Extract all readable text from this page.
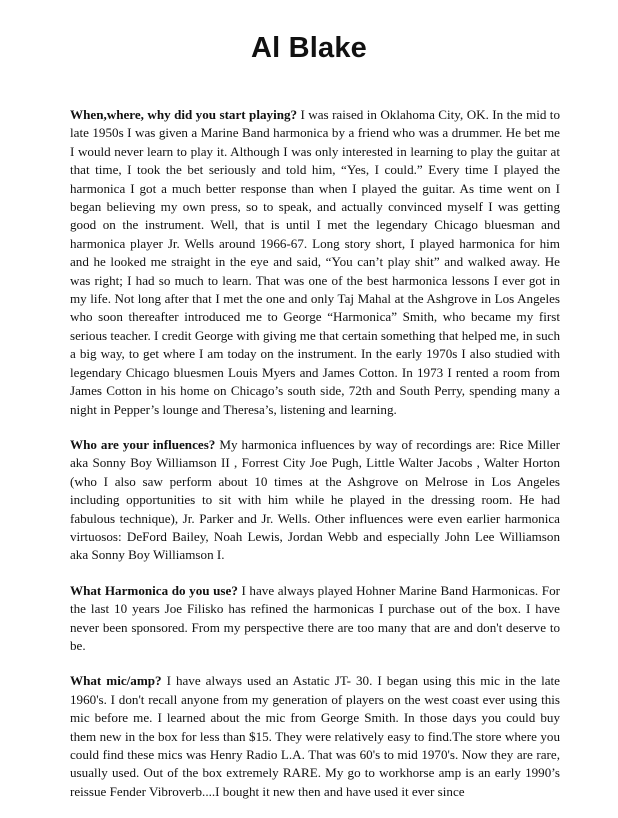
Al Blake

When,where, why did you start playing? I was raised in Oklahoma City, OK. In the mid to late 1950s I was given a Marine Band harmonica by a friend who was a drummer. He bet me I would never learn to play it. Although I was only interested in learning to play the guitar at that time, I took the bet seriously and told him, “Yes, I could.” Every time I played the harmonica I got a much better response than when I played the guitar. As time went on I began believing my own press, so to speak, and actually convinced myself I was getting good on the instrument. Well, that is until I met the legendary Chicago bluesman and harmonica player Jr. Wells around 1966-67. Long story short, I played harmonica for him and he looked me straight in the eye and said, “You can’t play shit” and walked away. He was right; I had so much to learn. That was one of the best harmonica lessons I ever got in my life. Not long after that I met the one and only Taj Mahal at the Ashgrove in Los Angeles who soon thereafter introduced me to George “Harmonica” Smith, who became my first serious teacher. I credit George with giving me that certain something that helped me, in such a big way, to get where I am today on the instrument. In the early 1970s I also studied with legendary Chicago bluesmen Louis Myers and James Cotton. In 1973 I rented a room from James Cotton in his home on Chicago’s south side, 72th and South Perry, spending many a night in Pepper’s lounge and Theresa’s, listening and learning.

Who are your influences? My harmonica influences by way of recordings are: Rice Miller aka Sonny Boy Williamson II , Forrest City Joe Pugh, Little Walter Jacobs , Walter Horton (who I also saw perform about 10 times at the Ashgrove on Melrose in Los Angeles including opportunities to sit with him while he played in the dressing room. He had fabulous technique), Jr. Parker and Jr. Wells. Other influences were even earlier harmonica virtuosos: DeFord Bailey, Noah Lewis, Jordan Webb and especially John Lee Williamson aka Sonny Boy Williamson I.

What Harmonica do you use? I have always played Hohner Marine Band Harmonicas. For the last 10 years Joe Filisko has refined the harmonicas I purchase out of the box. I have never been sponsored. From my perspective there are too many that are and don't deserve to be.

What mic/amp? I have always used an Astatic JT- 30. I began using this mic in the late 1960's. I don't recall anyone from my generation of players on the west coast ever using this mic before me. I learned about the mic from George Smith. In those days you could buy them new in the box for less than $15. They were relatively easy to find.The store where you could find these mics was Henry Radio L.A. That was 60's to mid 1970's. Now they are rare, usually used. Out of the box extremely RARE. My go to workhorse amp is an early 1990’s reissue Fender Vibroverb....I bought it new then and have used it ever since
